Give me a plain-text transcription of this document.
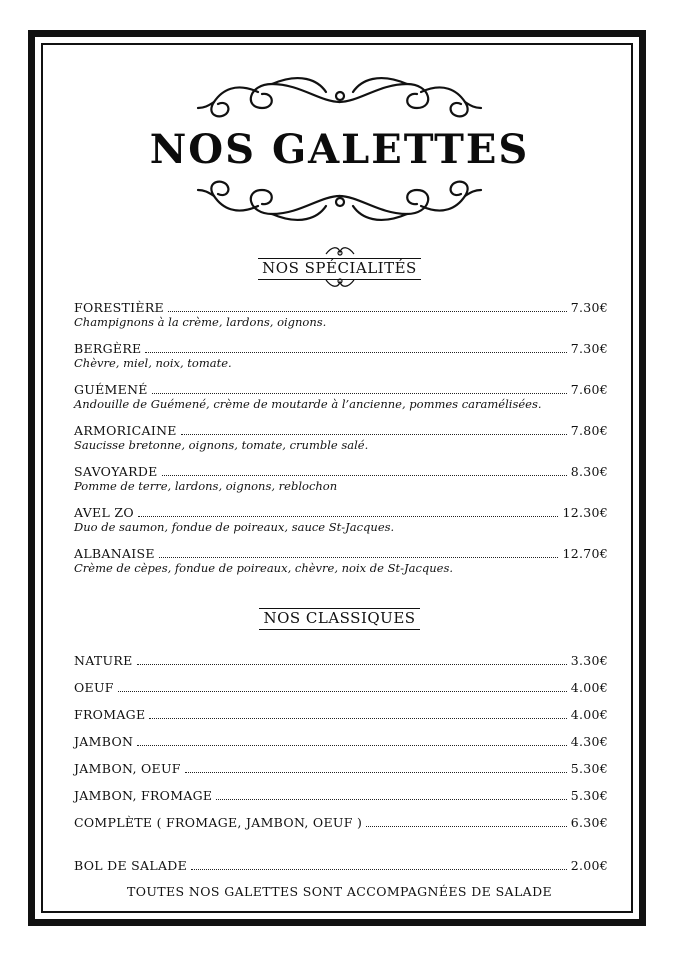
NOS GALETTES
NOS SPÉCIALITÉS
FORESTIÈRE	7.30€
Champignons à la crème, lardons, oignons.
BERGÈRE	7.30€
Chèvre, miel, noix, tomate.
GUÉMENÉ	7.60€
Andouille de Guémené, crème de moutarde à l’ancienne, pommes caramélisées.
ARMORICAINE	7.80€
Saucisse bretonne, oignons, tomate, crumble salé.
SAVOYARDE	8.30€
Pomme de terre, lardons, oignons, reblochon
AVEL ZO	12.30€
Duo de saumon, fondue de poireaux, sauce St-Jacques.
ALBANAISE	12.70€
Crème de cèpes, fondue de poireaux, chèvre, noix de St-Jacques.
NOS CLASSIQUES
NATURE	3.30€
OEUF	4.00€
FROMAGE	4.00€
JAMBON	4.30€
JAMBON, OEUF	5.30€
JAMBON, FROMAGE	5.30€
COMPLÈTE ( FROMAGE, JAMBON, OEUF )	6.30€
BOL DE SALADE	2.00€
TOUTES NOS GALETTES SONT ACCOMPAGNÉES DE SALADE
